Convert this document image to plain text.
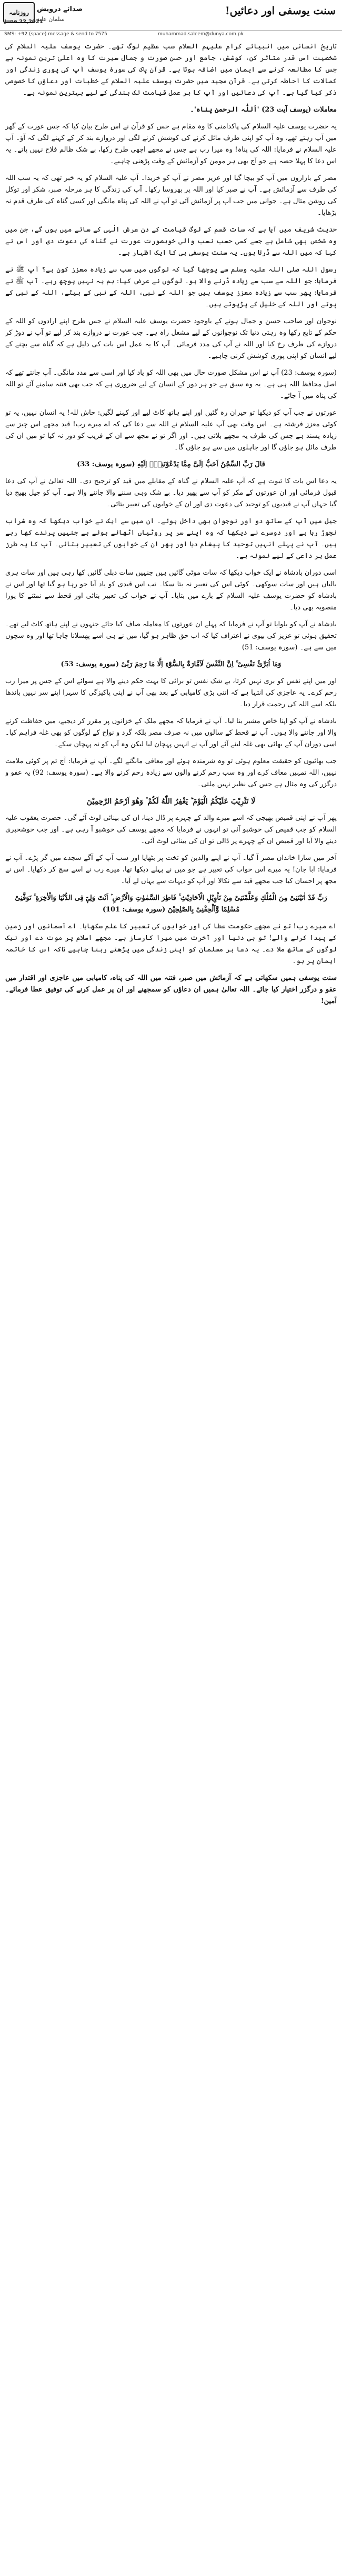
روزنامہ صدائے درویش
سلمان عابد
سنت یوسفی اور دعائیں!
June 22,2021
SMS: +92 (space) message & send to 7575	muhammad.saleem@dunya.com.pk

تاریخ انسانی میں انبیائے کرام علیہم السلام سب عظیم لوگ تھے۔ حضرت یوسف علیہ السلام کی شخصیت اس قدر متاثر کن، کوشش، جامع اور حسن صورت و جمال سیرت کا وہ اعلیٰ ترین نمونہ ہے جس کا مطالعہ کرنے سے ایمان میں اضافہ ہوتا ہے۔ قرآن پاک کی سورۂ یوسف آپ کی پوری زندگی اور کمالات کا احاطہ کرتی ہے۔ قرآن مجید میں حضرت یوسف علیہ السلام کے خطبات اور دعاؤں کا خصوصی ذکر کیا گیا ہے۔ آپ کی دعائیں اور آپ کا ہر عمل قیامت تک بندگی کے لیے بہترین نمونہ ہے۔

معاملات (یوسف آیت 23) 'اَللّٰہ الرحمن پناہ'۔

یہ حضرت یوسف علیہ السلام کی پاکدامنی کا وہ مقام ہے جس کو قرآن نے اس طرح بیان کیا کہ جس عورت کے گھر میں آپ رہتے تھے، وہ آپ کو اپنی طرف مائل کرنے کی کوشش کرنے لگی اور دروازے بند کر کے کہنے لگی کہ آؤ۔ آپ علیہ السلام نے فرمایا: اللہ کی پناہ! وہ میرا رب ہے جس نے مجھے اچھی طرح رکھا، بے شک ظالم فلاح نہیں پاتے۔ یہ اس دعا کا پہلا حصہ ہے جو آج بھی ہر مومن کو آزمائش کے وقت پڑھنی چاہیے۔

مصر کے بازاروں میں آپ کو بیچا گیا اور عزیز مصر نے آپ کو خریدا۔ آپ علیہ السلام کو یہ خبر تھی کہ یہ سب اللہ کی طرف سے آزمائش ہے۔ آپ نے صبر کیا اور اللہ پر بھروسا رکھا۔ آپ کی زندگی کا ہر مرحلہ صبر، شکر اور توکل کی روشن مثال ہے۔ جوانی میں جب آپ پر آزمائش آئی تو آپ نے اللہ کی پناہ مانگی اور کسی گناہ کی طرف قدم نہ بڑھایا۔

حدیث شریف میں آیا ہے کہ سات قسم کے لوگ قیامت کے دن عرش الٰہی کے سائے میں ہوں گے، جن میں وہ شخص بھی شامل ہے جسے کسی حسب نسب والی خوبصورت عورت نے گناہ کی دعوت دی اور اس نے کہا کہ میں اللہ سے ڈرتا ہوں۔ یہ سنت یوسفی ہی کا ایک اظہار ہے۔

رسول اللہ صلی اللہ علیہ وسلم سے پوچھا گیا کہ لوگوں میں سب سے زیادہ معزز کون ہے؟ آپ ﷺ نے فرمایا: جو اللہ سے سب سے زیادہ ڈرنے والا ہو۔ لوگوں نے عرض کیا: ہم یہ نہیں پوچھ رہے۔ آپ ﷺ نے فرمایا: پھر سب سے زیادہ معزز یوسف ہیں جو اللہ کے نبی، اللہ کے نبی کے بیٹے، اللہ کے نبی کے پوتے اور اللہ کے خلیل کے پڑپوتے ہیں۔

نوجوان اور صاحب حسن و جمال ہونے کے باوجود حضرت یوسف علیہ السلام نے جس طرح اپنے ارادوں کو اللہ کے حکم کے تابع رکھا وہ رہتی دنیا تک نوجوانوں کے لیے مشعل راہ ہے۔ جب عورت نے دروازے بند کر لیے تو آپ نے دوڑ کر دروازے کی طرف رخ کیا اور اللہ نے آپ کی مدد فرمائی۔ آپ کا یہ عمل اس بات کی دلیل ہے کہ گناہ سے بچنے کے لیے انسان کو اپنی پوری کوشش کرنی چاہیے۔

(سورہ یوسف: 23) آپ نے اس مشکل صورت حال میں بھی اللہ کو یاد کیا اور اسی سے مدد مانگی۔ آپ جانتے تھے کہ اصل محافظ اللہ ہی ہے۔ یہ وہ سبق ہے جو ہر دور کے انسان کے لیے ضروری ہے کہ جب بھی فتنہ سامنے آئے تو اللہ کی پناہ میں آ جائے۔

عورتوں نے جب آپ کو دیکھا تو حیران رہ گئیں اور اپنے ہاتھ کاٹ لیے اور کہنے لگیں: حاش للہ! یہ انسان نہیں، یہ تو کوئی معزز فرشتہ ہے۔ اس وقت بھی آپ علیہ السلام نے اللہ سے دعا کی کہ اے میرے رب! قید مجھے اس چیز سے زیادہ پسند ہے جس کی طرف یہ مجھے بلاتی ہیں۔ اور اگر تو نے مجھ سے ان کے فریب کو دور نہ کیا تو میں ان کی طرف مائل ہو جاؤں گا اور جاہلوں میں سے ہو جاؤں گا۔

قالَ رَبِّ السِّجْنُ اَحَبُّ اِلَیَّ مِمَّا یَدْعُوْنَنِیْۤ اِلَیْهِ (سورہ یوسف: 33)

یہ دعا اس بات کا ثبوت ہے کہ آپ علیہ السلام نے گناہ کے مقابلے میں قید کو ترجیح دی۔ اللہ تعالیٰ نے آپ کی دعا قبول فرمائی اور ان عورتوں کے مکر کو آپ سے پھیر دیا۔ بے شک وہی سننے والا جاننے والا ہے۔ آپ کو جیل بھیج دیا گیا جہاں آپ نے قیدیوں کو توحید کی دعوت دی اور ان کے خوابوں کی تعبیر بتائی۔

جیل میں آپ کے ساتھ دو اور نوجوان بھی داخل ہوئے۔ ان میں سے ایک نے خواب دیکھا کہ وہ شراب نچوڑ رہا ہے اور دوسرے نے دیکھا کہ وہ اپنے سر پر روٹیاں اٹھائے ہوئے ہے جنہیں پرندے کھا رہے ہیں۔ آپ نے پہلے انہیں توحید کا پیغام دیا اور پھر ان کے خوابوں کی تعبیر بتائی۔ آپ کا یہ طرز عمل ہر داعی کے لیے نمونہ ہے۔

اسی دوران بادشاہ نے ایک خواب دیکھا کہ سات موٹی گائیں ہیں جنہیں سات دبلی گائیں کھا رہی ہیں اور سات ہری بالیاں ہیں اور سات سوکھی۔ کوئی اس کی تعبیر نہ بتا سکا۔ تب اس قیدی کو یاد آیا جو رہا ہو گیا تھا اور اس نے بادشاہ کو حضرت یوسف علیہ السلام کے بارے میں بتایا۔ آپ نے خواب کی تعبیر بتائی اور قحط سے نمٹنے کا پورا منصوبہ بھی دیا۔

بادشاہ نے آپ کو بلوایا تو آپ نے فرمایا کہ پہلے ان عورتوں کا معاملہ صاف کیا جائے جنہوں نے اپنے ہاتھ کاٹ لیے تھے۔ تحقیق ہوئی تو عزیز کی بیوی نے اعتراف کیا کہ اب حق ظاہر ہو گیا، میں نے ہی اسے پھسلانا چاہا تھا اور وہ سچوں میں سے ہے۔ (سورہ یوسف: 51)

وَمَاۤ اُبَرِّئُ نَفْسِیْ ۚ اِنَّ النَّفْسَ لَاَمَّارَةٌۢ بِالسُّوْٓءِ اِلَّا مَا رَحِمَ رَبِّیْ (سورہ یوسف: 53)

اور میں اپنے نفس کو بری نہیں کرتا، بے شک نفس تو برائی کا بہت حکم دینے والا ہے سوائے اس کے جس پر میرا رب رحم کرے۔ یہ عاجزی کی انتہا ہے کہ اتنی بڑی کامیابی کے بعد بھی آپ نے اپنی پاکیزگی کا سہرا اپنے سر نہیں باندھا بلکہ اسے اللہ کی رحمت قرار دیا۔

بادشاہ نے آپ کو اپنا خاص مشیر بنا لیا۔ آپ نے فرمایا کہ مجھے ملک کے خزانوں پر مقرر کر دیجیے، میں حفاظت کرنے والا اور جاننے والا ہوں۔ آپ نے قحط کے سالوں میں نہ صرف مصر بلکہ گرد و نواح کے لوگوں کو بھی غلہ فراہم کیا۔ اسی دوران آپ کے بھائی بھی غلہ لینے آئے اور آپ نے انہیں پہچان لیا لیکن وہ آپ کو نہ پہچان سکے۔

جب بھائیوں کو حقیقت معلوم ہوئی تو وہ شرمندہ ہوئے اور معافی مانگنے لگے۔ آپ نے فرمایا: آج تم پر کوئی ملامت نہیں، اللہ تمہیں معاف کرے اور وہ سب رحم کرنے والوں سے زیادہ رحم کرنے والا ہے۔ (سورہ یوسف: 92) یہ عفو و درگزر کی وہ مثال ہے جس کی نظیر نہیں ملتی۔

لَا تَثْرِیْبَ عَلَیْكُمُ الْیَوْمَ ؕ یَغْفِرُ اللّٰهُ لَكُمْ ۫ وَهُوَ اَرْحَمُ الرّٰحِمِیْنَ

پھر آپ نے اپنی قمیص بھیجی کہ اسے میرے والد کے چہرے پر ڈال دینا، ان کی بینائی لوٹ آئے گی۔ حضرت یعقوب علیہ السلام کو جب قمیص کی خوشبو آئی تو انہوں نے فرمایا کہ مجھے یوسف کی خوشبو آ رہی ہے۔ اور جب خوشخبری دینے والا آیا اور قمیص ان کے چہرے پر ڈالی تو ان کی بینائی لوٹ آئی۔

آخر میں سارا خاندان مصر آ گیا۔ آپ نے اپنے والدین کو تخت پر بٹھایا اور سب آپ کے آگے سجدے میں گر پڑے۔ آپ نے فرمایا: ابا جان! یہ میرے اس خواب کی تعبیر ہے جو میں نے پہلے دیکھا تھا، میرے رب نے اسے سچ کر دکھایا۔ اس نے مجھ پر احسان کیا جب مجھے قید سے نکالا اور آپ کو دیہات سے یہاں لے آیا۔

رَبِّ قَدْ اٰتَیْتَنِیْ مِنَ الْمُلْكِ وَعَلَّمْتَنِیْ مِنْ تَاْوِیْلِ الْاَحَادِیْثِ ۚ فَاطِرَ السَّمٰوٰتِ وَالْاَرْضِ ۫ اَنْتَ وَلِیّٖ فِی الدُّنْیَا وَالْاٰخِرَةِ ۚ تَوَفَّنِیْ مُسْلِمًا وَّاَلْحِقْنِیْ بِالصّٰلِحِیْنَ (سورہ یوسف: 101)

اے میرے رب! تو نے مجھے حکومت عطا کی اور خوابوں کی تعبیر کا علم سکھایا۔ اے آسمانوں اور زمین کے پیدا کرنے والے! تو ہی دنیا اور آخرت میں میرا کارساز ہے۔ مجھے اسلام پر موت دے اور نیک لوگوں کے ساتھ ملا دے۔ یہ دعا ہر مسلمان کو اپنی زندگی میں پڑھتے رہنا چاہیے تاکہ اس کا خاتمہ ایمان پر ہو۔

سنت یوسفی ہمیں سکھاتی ہے کہ آزمائش میں صبر، فتنہ میں اللہ کی پناہ، کامیابی میں عاجزی اور اقتدار میں عفو و درگزر اختیار کیا جائے۔ اللہ تعالیٰ ہمیں ان دعاؤں کو سمجھنے اور ان پر عمل کرنے کی توفیق عطا فرمائے۔ آمین!
